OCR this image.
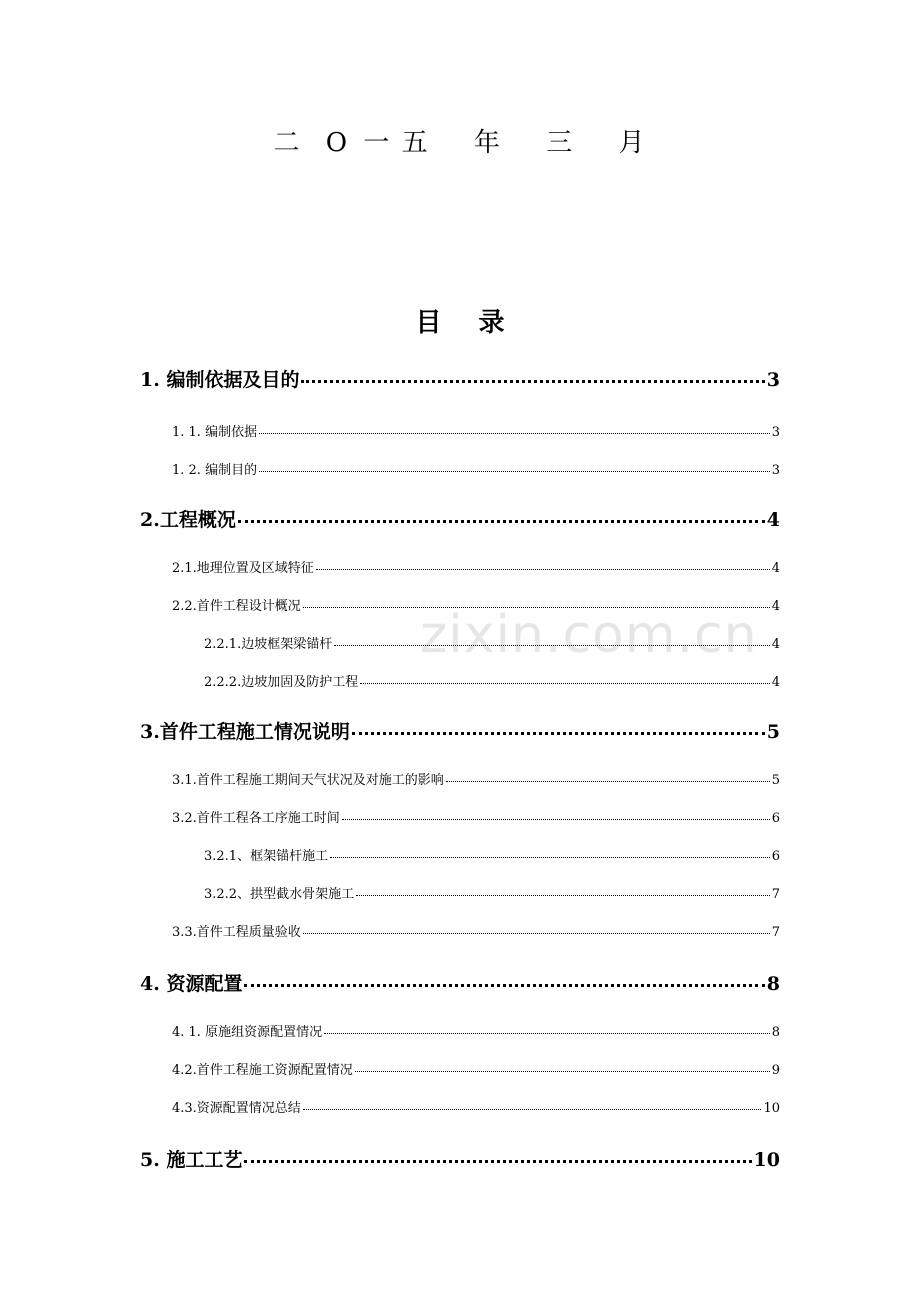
二 O 一 五 年 三 月
目 录
zixin.com.cn
1. 编制依据及目的	3
1. 1. 编制依据	3
1. 2. 编制目的	3
2.工程概况	4
2.1.地理位置及区域特征	4
2.2.首件工程设计概况	4
2.2.1.边坡框架梁锚杆	4
2.2.2.边坡加固及防护工程	4
3.首件工程施工情况说明	5
3.1.首件工程施工期间天气状况及对施工的影响	5
3.2.首件工程各工序施工时间	6
3.2.1、框架锚杆施工	6
3.2.2、拱型截水骨架施工	7
3.3.首件工程质量验收	7
4. 资源配置	8
4. 1. 原施组资源配置情况	8
4.2.首件工程施工资源配置情况	9
4.3.资源配置情况总结	10
5. 施工工艺	10
